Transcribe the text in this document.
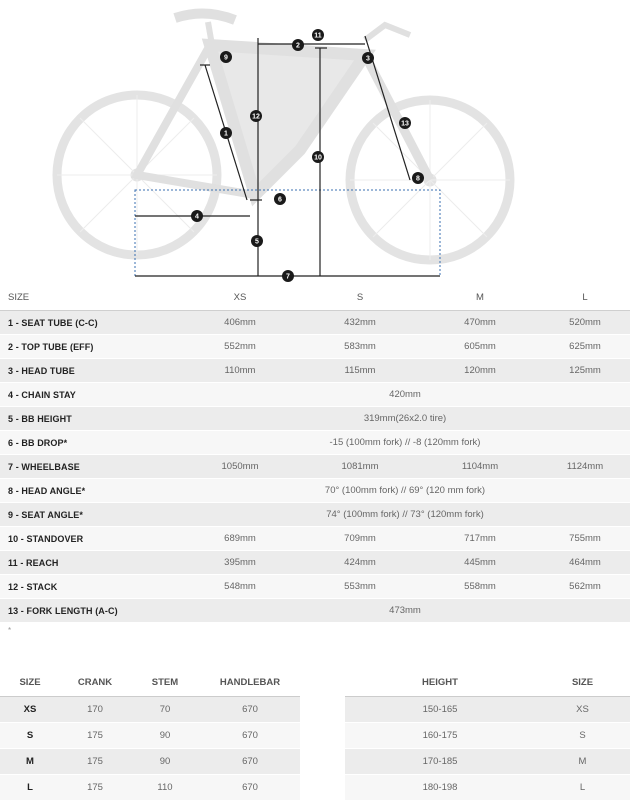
1
2
3
4
5
6
7
8
9
10
11
12
13
SIZE	XS	S	M	L
1 - SEAT TUBE (C-C)	406mm	432mm	470mm	520mm
2 - TOP TUBE (EFF)	552mm	583mm	605mm	625mm
3 - HEAD TUBE	110mm	115mm	120mm	125mm
4 - CHAIN STAY	420mm			
5 - BB HEIGHT	319mm(26x2.0 tire)			
6 - BB DROP*	-15 (100mm fork) // -8 (120mm fork)			
7 - WHEELBASE	1050mm	1081mm	1104mm	1124mm
8 - HEAD ANGLE*	70° (100mm fork) // 69° (120 mm fork)			
9 - SEAT ANGLE*	74° (100mm fork) // 73° (120mm fork)			
10 - STANDOVER	689mm	709mm	717mm	755mm
11 - REACH	395mm	424mm	445mm	464mm
12 - STACK	548mm	553mm	558mm	562mm
13 - FORK LENGTH (A-C)	473mm			
*
SIZE	CRANK	STEM	HANDLEBAR
XS	170	70	670
S	175	90	670
M	175	90	670
L	175	110	670
HEIGHT	SIZE
150-165	XS
160-175	S
170-185	M
180-198	L
